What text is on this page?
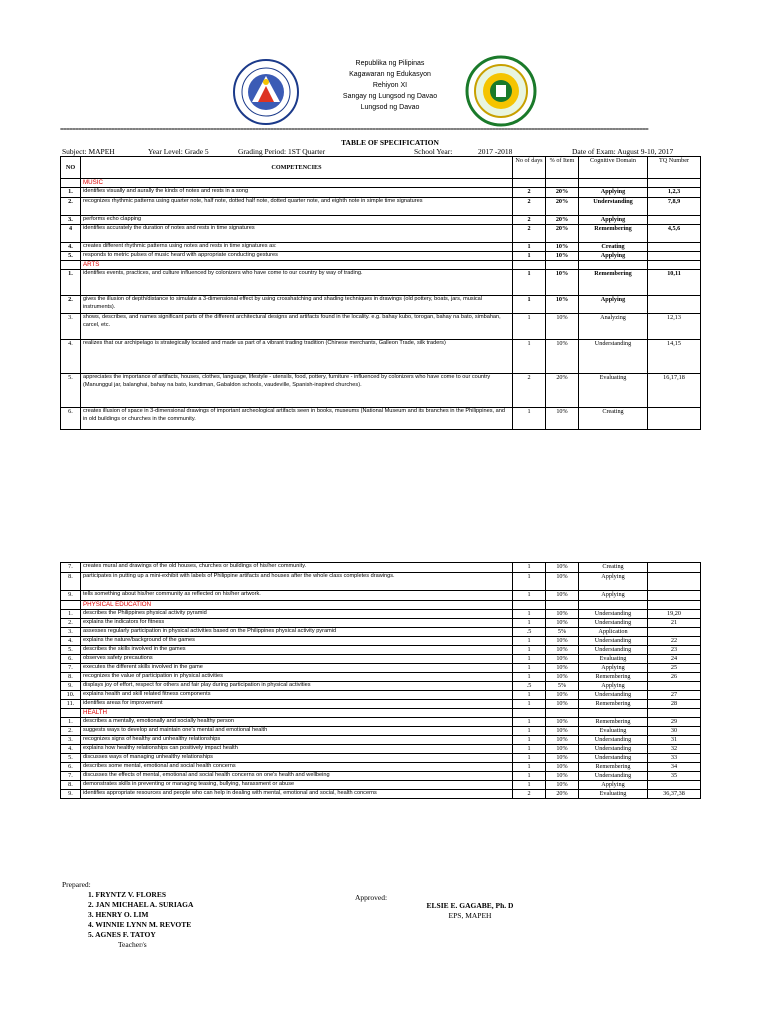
Republika ng Pilipinas
Kagawaran ng Edukasyon
Rehiyon XI
Sangay ng Lungsod ng Davao
Lungsod ng Davao
====================================================================================================================================================================================================
TABLE OF SPECIFICATION
Subject: MAPEH	Year Level: Grade 5	Grading Period: 1ST Quarter	School Year:	2017 -2018	Date of Exam: August 9-10, 2017
NO	COMPETENCIES	No of days	% of Item	Cognitive Domain	TQ Number
	MUSIC				
1.	identifies visually and aurally the kinds of notes and rests in a song	2	20%	Applying	1,2,3
2.	recognizes rhythmic patterns using quarter note, half note, dotted half note, dotted quarter note, and eighth note in simple time signatures	2	20%	Understanding	7,8,9
3.	performs echo clapping	2	20%	Applying	
4	identifies accurately the duration of notes and rests in time signatures	2	20%	Remembering	4,5,6
4.	creates different rhythmic patterns using notes and rests in time signatures as:	1	10%	Creating	
5.	responds to metric pulses of music heard with appropriate conducting gestures	1	10%	Applying	
	ARTS				
1.	identifies events, practices, and culture influenced by colonizers who have come to our country by way of trading.	1	10%	Remembering	10,11
2.	gives the illusion of depth/distance to simulate a 3-dimensional effect by using crosshatching and shading techniques in drawings (old pottery, boats, jars, musical instruments).	1	10%	Applying	
3.	shows, describes, and names significant parts of the different architectural designs and artifacts found in the locality. e.g. bahay kubo, torogan, bahay na bato, simbahan, carcel, etc.	1	10%	Analyzing	12,13
4.	realizes that our archipelago is strategically located and made us part of a vibrant trading tradition (Chinese merchants, Galleon Trade, silk traders)	1	10%	Understanding	14,15
5.	appreciates the importance of artifacts, houses, clothes, language, lifestyle - utensils, food, pottery, furniture - influenced by colonizers who have come to our country (Manunggul jar, balanghai, bahay na bato, kundiman, Gabaldon schools, vaudeville, Spanish-inspired churches).	2	20%	Evaluating	16,17,18
6.	creates illusion of space in 3-dimensional drawings of important archeological artifacts seen in books, museums (National Museum and its branches in the Philippines, and in old buildings or churches in the community.	1	10%	Creating	
7.	creates mural and drawings of the old houses, churches or buildings of his/her community.	1	10%	Creating	
8.	participates in putting up a mini-exhibit with labels of Philippine artifacts and houses after the whole class completes drawings.	1	10%	Applying	
9.	tells something about his/her community as reflected on his/her artwork.	1	10%	Applying	
	PHYSICAL EDUCATION				
1.	describes the Philippines physical activity pyramid	1	10%	Understanding	19,20
2.	explains the indicators for fitness	1	10%	Understanding	21
3.	assesses regularly participation in physical activities based on the Philippines physical activity pyramid	.5	5%	Application	
4.	explains the nature/background of the games	1	10%	Understanding	22
5.	describes the skills involved in the games	1	10%	Understanding	23
6.	observes safety precautions	1	10%	Evaluating	24
7.	executes the different skills involved in the game	1	10%	Applying	25
8.	recognizes the value of participation in physical activities	1	10%	Remembering	26
9.	displays joy of effort, respect for others and fair play during participation in physical activities	.5	5%	Applying	
10.	explains health and skill related fitness components	1	10%	Understanding	27
11.	identifies areas for improvement	1	10%	Remembering	28
	HEALTH				
1.	describes a mentally, emotionally and socially healthy person	1	10%	Remembering	29
2.	suggests ways to develop and maintain one's mental and emotional health	1	10%	Evaluating	30
3.	recognizes signs of healthy and unhealthy relationships	1	10%	Understanding	31
4.	explains how healthy relationships can positively impact health	1	10%	Understanding	32
5.	discusses ways of managing unhealthy relationships	1	10%	Understanding	33
6.	describes some mental, emotional and social health concerns	1	10%	Remembering	34
7.	discusses the effects of mental, emotional and social health concerns on one's health and wellbeing	1	10%	Understanding	35
8.	demonstrates skills in preventing or managing teasing, bullying, harassment or abuse	1	10%	Applying	
9.	identifies appropriate resources and people who can help in dealing with mental, emotional and social, health concerns	2	20%	Evaluating	36,37,38
Prepared:
1. FRYNTZ V. FLORES
2. JAN MICHAEL A. SURIAGA
3. HENRY O. LIM
4. WINNIE LYNN M. REVOTE
5. AGNES F. TATOY
Teacher/s
Approved:
ELSIE E. GAGABE, Ph. D
EPS, MAPEH
